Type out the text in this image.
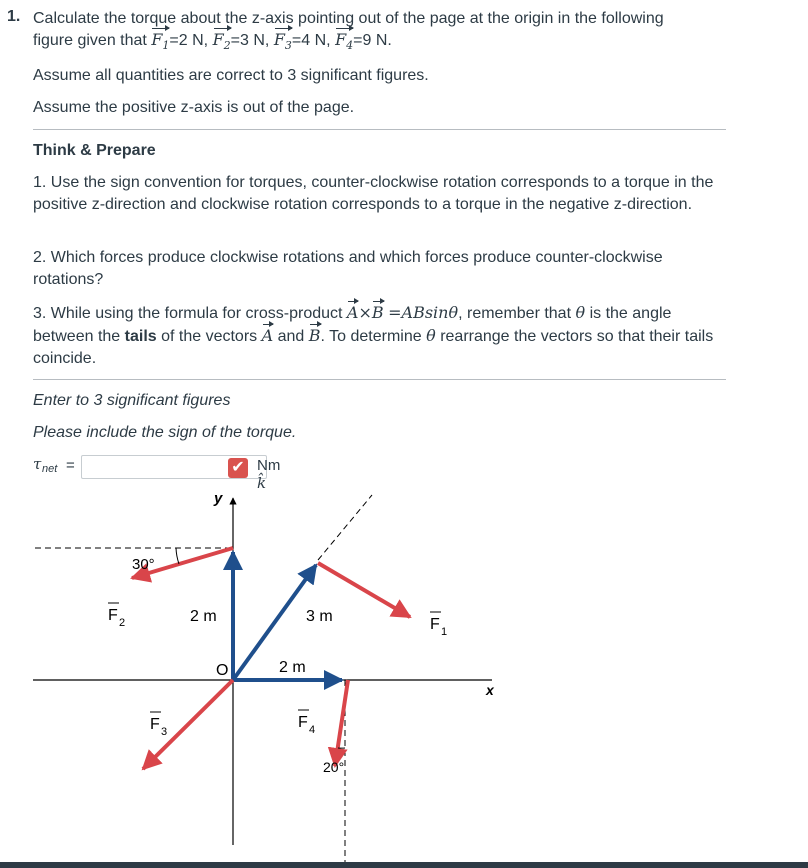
1. Calculate the torque about the z-axis pointing out of the page at the origin in the following
figure given that $F_1=2$ N, $F_2=3$ N, $F_3=4$ N, $F_4=9$ N.
Assume all quantities are correct to 3 significant figures.
Assume the positive z-axis is out of the page.
Think & Prepare
1. Use the sign convention for torques, counter-clockwise rotation corresponds to a torque in the positive z-direction and clockwise rotation corresponds to a torque in the negative z-direction.
2. Which forces produce clockwise rotations and which forces produce counter-clockwise rotations?
3. While using the formula for cross-product A×B =ABsinθ, remember that θ is the angle between the tails of the vectors A and B. To determine θ rearrange the vectors so that their tails coincide.
Enter to 3 significant figures
Please include the sign of the torque.
τ net =	✔ Nm k̂
y
x
O
30°
20°
2 m	3 m
2 m
F 1
F 2
F 3
F 4
